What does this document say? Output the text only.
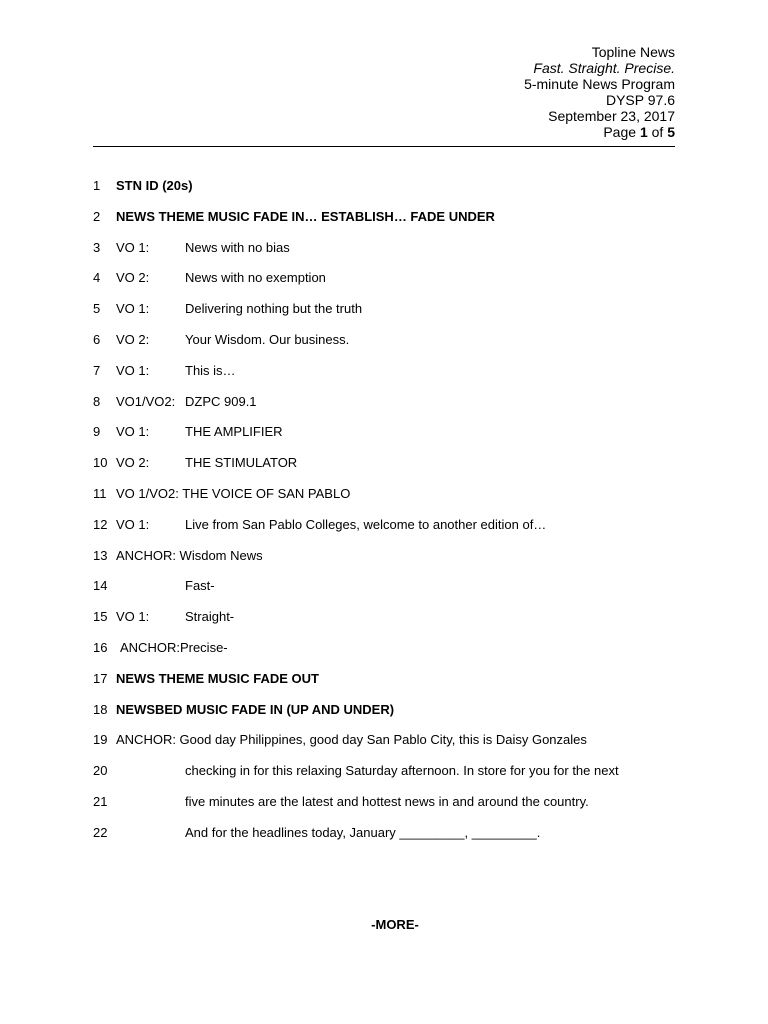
Topline News
Fast. Straight. Precise.
5-minute News Program
DYSP 97.6
September 23, 2017
Page 1 of 5
1 STN ID (20s)
2 NEWS THEME MUSIC FADE IN… ESTABLISH… FADE UNDER
3 VO 1:	News with no bias
4 VO 2:	News with no exemption
5 VO 1:	Delivering nothing but the truth
6 VO 2:	Your Wisdom. Our business.
7 VO 1:	This is…
8 VO1/VO2: DZPC 909.1
9 VO 1:	THE AMPLIFIER
10 VO 2:	THE STIMULATOR
11 VO 1/VO2: THE VOICE OF SAN PABLO
12 VO 1:	Live from San Pablo Colleges, welcome to another edition of…
13 ANCHOR: Wisdom News
14	Fast-
15 VO 1:	Straight-
16 ANCHOR:Precise-
17 NEWS THEME MUSIC FADE OUT
18 NEWSBED MUSIC FADE IN (UP AND UNDER)
19 ANCHOR: Good day Philippines, good day San Pablo City, this is Daisy Gonzales
20	checking in for this relaxing Saturday afternoon. In store for you for the next
21	five minutes are the latest and hottest news in and around the country.
22	And for the headlines today, January _________, _________.
-MORE-
